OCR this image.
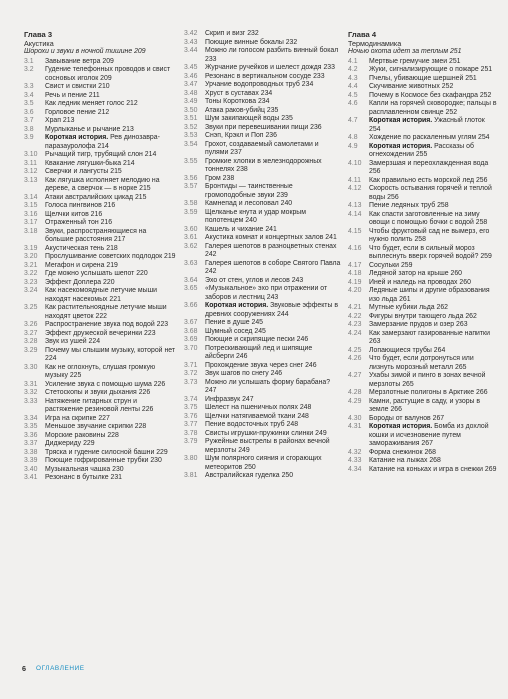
Глава 3
Акустика
Шорохи и звуки в ночной тишине 209
3.1	Завывание ветра 209
3.2	Гудение телефонных проводов и свист сосновых иголок 209
3.3	Свист и свистки 210
3.4	Речь и пение 211
3.5	Как ледник меняет голос 212
3.6	Горловое пение 212
3.7	Храп 213
3.8	Мурлыканье и рычание 213
3.9	Короткая история. Рев динозавра-паразауролофа 214
3.10	Рычащий тигр, трубящий слон 214
3.11	Квакание лягушки-быка 214
3.12	Сверчки и лангусты 215
3.13	Как лягушка исполняет мелодию на дереве, а сверчок — в норке 215
3.14	Атаки австралийских цикад 215
3.15	Голоса пингвинов 216
3.16	Щелчки китов 216
3.17	Отраженный тон 216
3.18	Звуки, распространяющиеся на большие расстояния 217
3.19	Акустическая тень 218
3.20	Прослушивание советских подлодок 219
3.21	Мегафон и сирена 219
3.22	Где можно услышать шепот 220
3.23	Эффект Доплера 220
3.24	Как насекомоядные летучие мыши находят насекомых 221
3.25	Как растительноядные летучие мыши находят цветок 222
3.26	Распространение звука под водой 223
3.27	Эффект дружеской вечеринки 223
3.28	Звук из ушей 224
3.29	Почему мы слышим музыку, которой нет 224
3.30	Как не оглохнуть, слушая громкую музыку 225
3.31	Усиление звука с помощью шума 226
3.32	Стетоскопы и звуки дыхания 226
3.33	Натяжение гитарных струн и растяжение резиновой ленты 226
3.34	Игра на скрипке 227
3.35	Меньшое звучание скрипки 228
3.36	Морские раковины 228
3.37	Диджериду 229
3.38	Тряска и гудение силосной башни 229
3.39	Поющие гофрированные трубки 230
3.40	Музыкальная чашка 230
3.41	Резонанс в бутылке 231
3.42	Скрип и визг 232
3.43	Поющие винные бокалы 232
3.44	Можно ли голосом разбить винный бокал 233
3.45	Журчание ручейков и шелест дождя 233
3.46	Резонанс в вертикальном сосуде 233
3.47	Урчание водопроводных труб 234
3.48	Хруст в суставах 234
3.49	Тоны Короткова 234
3.50	Атака раков-убийц 235
3.51	Шум закипающей воды 235
3.52	Звуки при перевешивании пищи 236
3.53	Снэп, Крэкл и Поп 236
3.54	Грохот, создаваемый самолетами и пулями 237
3.55	Громкие хлопки в железнодорожных тоннелях 238
3.56	Гром 238
3.57	Бронтиды — таинственные громоподобные звуки 239
3.58	Камнепад и лесоповал 240
3.59	Щелканье кнута и удар мокрым полотенцем 240
3.60	Кашель и чихание 241
3.61	Акустика комнат и концертных залов 241
3.62	Галерея шепотов в разноцветных стенах 242
3.63	Галерея шепотов в соборе Святого Павла 242
3.64	Эхо от стен, углов и лесов 243
3.65	«Музыкальное» эхо при отражении от заборов и лестниц 243
3.66	Короткая история. Звуковые эффекты в древних сооружениях 244
3.67	Пение в душе 245
3.68	Шумный сосед 245
3.69	Поющие и скрипящие пески 246
3.70	Потрескивающий лед и шипящие айсберги 246
3.71	Прохождение звука через снег 246
3.72	Звук шагов по снегу 246
3.73	Можно ли услышать форму барабана? 247
3.74	Инфразвук 247
3.75	Шелест на пшеничных полях 248
3.76	Щелчки натягиваемой ткани 248
3.77	Пение водосточных труб 248
3.78	Свисты игрушки-пружинки слинки 249
3.79	Ружейные выстрелы в районах вечной мерзлоты 249
3.80	Шум полярного сияния и сгорающих метеоритов 250
3.81	Австралийская гуделка 250
Глава 4
Термодинамика
Ночью охота идет за теплым 251
4.1	Мертвые гремучие змеи 251
4.2	Жуки, сигнализирующие о пожаре 251
4.3	Пчелы, убивающие шершней 251
4.4	Скучивание животных 252
4.5	Почему в Космосе без скафандра 252
4.6	Капли на горячей сковородке; пальцы в расплавленном свинце 252
4.7	Короткая история. Ужасный глоток 254
4.8	Хождение по раскаленным углям 254
4.9	Короткая история. Рассказы об огнехождении 255
4.10	Замерзшая и переохлажденная вода 256
4.11	Как правильно есть морской лед 256
4.12	Скорость остывания горячей и теплой воды 256
4.13	Пение ледяных труб 258
4.14	Как спасти заготовленные на зиму овощи с помощью бочки с водой 258
4.15	Чтобы фруктовый сад не вымерз, его нужно полить 258
4.16	Что будет, если в сильный мороз выплеснуть вверх горячей водой? 259
4.17	Сосульки 259
4.18	Ледяной затор на крыше 260
4.19	Иней и наледь на проводах 260
4.20	Ледяные шипы и другие образования изо льда 261
4.21	Мутные кубики льда 262
4.22	Фигуры внутри тающего льда 262
4.23	Замерзание прудов и озер 263
4.24	Как замерзают газированные напитки 263
4.25	Лопающиеся трубы 264
4.26	Что будет, если дотронуться или лизнуть морозный металл 265
4.27	Ухабы зимой и пинго в зонах вечной мерзлоты 265
4.28	Мерзлотные полигоны в Арктике 266
4.29	Камни, растущие в саду, и узоры в земле 266
4.30	Бороды от валунов 267
4.31	Короткая история. Бомба из дохлой кошки и исчезновение путем замораживания 267
4.32	Форма снежинок 268
4.33	Катание на лыжах 268
4.34	Катание на коньках и игра в снежки 269
6 ОГЛАВЛЕНИЕ
